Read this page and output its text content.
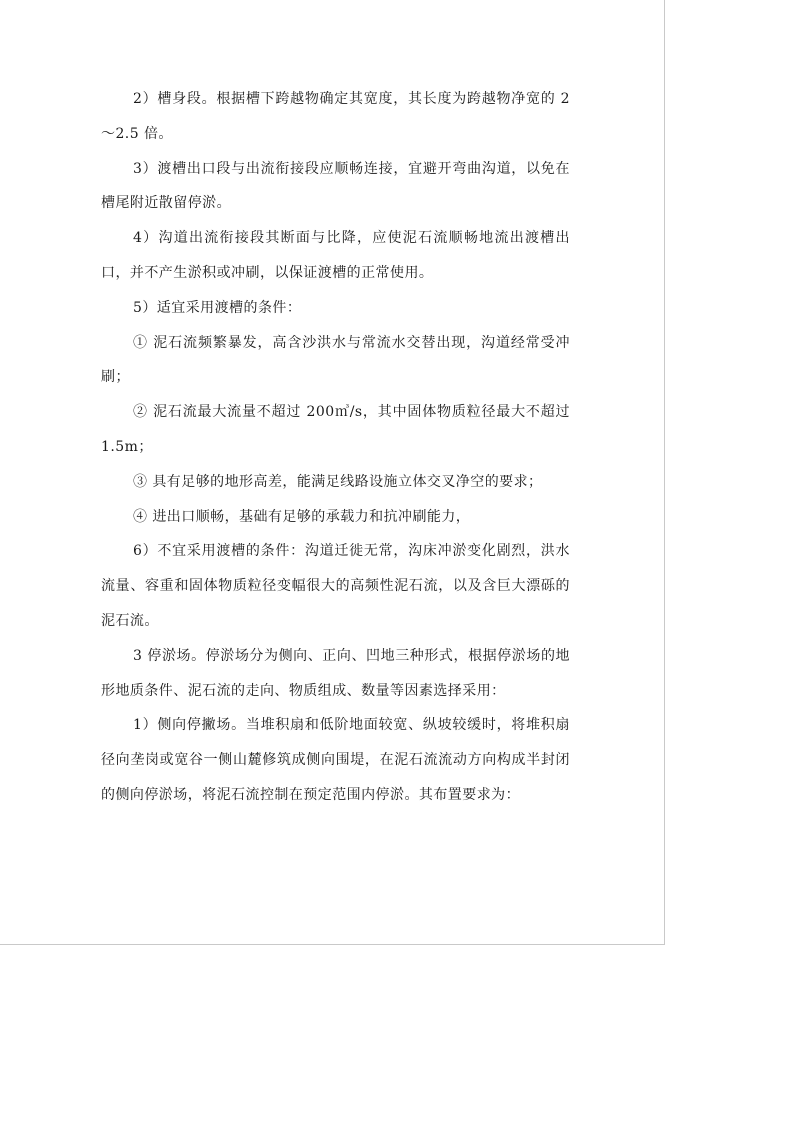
2）槽身段。根据槽下跨越物确定其宽度，其长度为跨越物净宽的 2～2.5 倍。

3）渡槽出口段与出流衔接段应顺畅连接，宜避开弯曲沟道，以免在槽尾附近散留停淤。

4）沟道出流衔接段其断面与比降，应使泥石流顺畅地流出渡槽出口，并不产生淤积或冲刷，以保证渡槽的正常使用。

5）适宜采用渡槽的条件：

① 泥石流频繁暴发，高含沙洪水与常流水交替出现，沟道经常受冲刷；

② 泥石流最大流量不超过 200㎥/s，其中固体物质粒径最大不超过 1.5m；

③ 具有足够的地形高差，能满足线路设施立体交叉净空的要求；

④ 进出口顺畅，基础有足够的承载力和抗冲刷能力，

6）不宜采用渡槽的条件：沟道迁徙无常，沟床冲淤变化剧烈，洪水流量、容重和固体物质粒径变幅很大的高频性泥石流，以及含巨大漂砾的泥石流。

3 停淤场。停淤场分为侧向、正向、凹地三种形式，根据停淤场的地形地质条件、泥石流的走向、物质组成、数量等因素选择采用：

1）侧向停撇场。当堆积扇和低阶地面较宽、纵坡较缓时，将堆积扇径向垄岗或宽谷一侧山麓修筑成侧向围堤，在泥石流流动方向构成半封闭的侧向停淤场，将泥石流控制在预定范围内停淤。其布置要求为：
